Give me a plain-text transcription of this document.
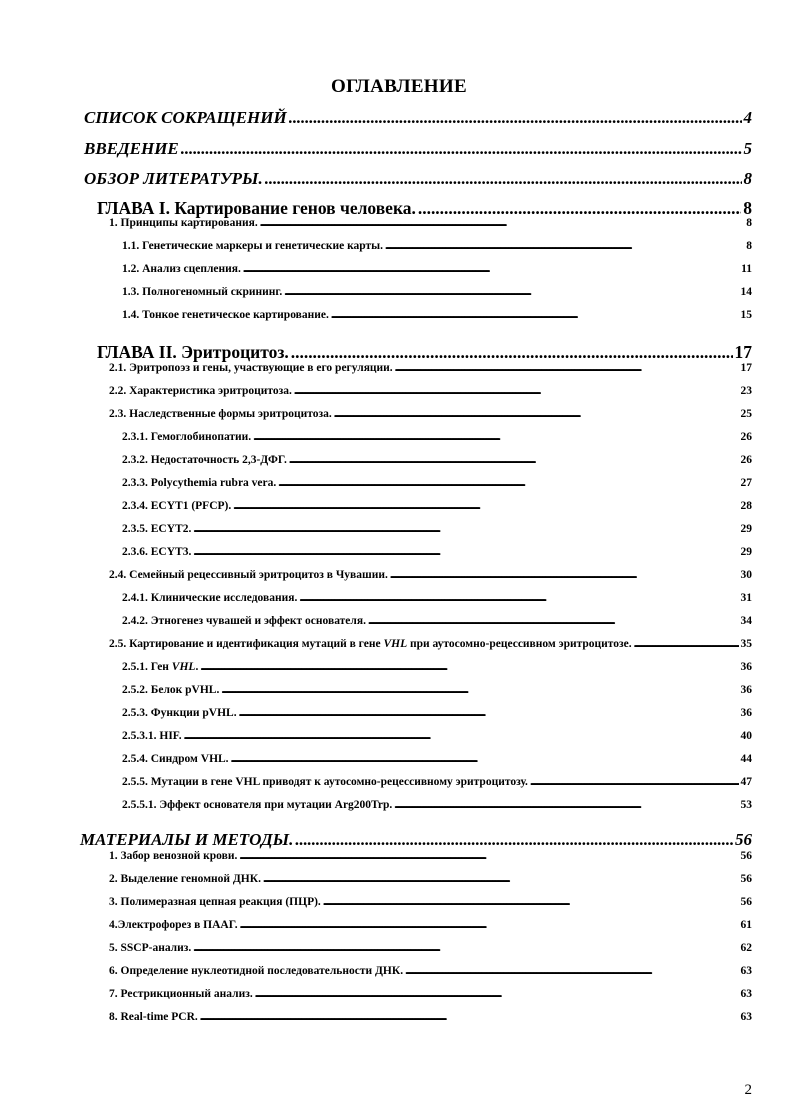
ОГЛАВЛЕНИЕ
СПИСОК СОКРАЩЕНИЙ . . .	4
ВВЕДЕНИЕ . . .	5
ОБЗОР ЛИТЕРАТУРЫ. . . .	8
ГЛАВА I. Картирование генов человека. . . .	8
1. Принципы картирования. . . .	8
1.1. Генетические маркеры и генетические карты. . . .	8
1.2. Анализ сцепления. . . .	11
1.3. Полногеномный скрининг. . . .	14
1.4. Тонкое генетическое картирование. . . .	15
ГЛАВА II. Эритроцитоз. . . .	17
2.1. Эритропоэз и гены, участвующие в его регуляции. . . .	17
2.2. Характеристика эритроцитоза. . . .	23
2.3. Наследственные формы эритроцитоза. . . .	25
2.3.1. Гемоглобинопатии. . . .	26
2.3.2. Недостаточность 2,3-ДФГ. . . .	26
2.3.3. Polycythemia rubra vera. . . .	27
2.3.4. ECYT1 (PFCP). . . .	28
2.3.5. ECYT2. . . .	29
2.3.6. ECYT3. . . .	29
2.4. Семейный рецессивный эритроцитоз в Чувашии. . . .	30
2.4.1. Клинические исследования. . . .	31
2.4.2. Этногенез чувашей и эффект основателя. . . .	34
2.5. Картирование и идентификация мутаций в гене VHL при аутосомно-рецессивном эритроцитозе. . . .	35
2.5.1. Ген VHL. . . .	36
2.5.2. Белок pVHL. . . .	36
2.5.3. Функции pVHL. . . .	36
2.5.3.1. HIF. . . .	40
2.5.4. Синдром VHL. . . .	44
2.5.5. Мутации в гене VHL приводят к аутосомно-рецессивному эритроцитозу. . . .	47
2.5.5.1. Эффект основателя при мутации Arg200Trp. . . .	53
МАТЕРИАЛЫ И МЕТОДЫ. . . .	56
1. Забор венозной крови. . . .	56
2. Выделение геномной ДНК. . . .	56
3. Полимеразная цепная реакция (ПЦР). . . .	56
4.Электрофорез в ПААГ. . . .	61
5. SSCP-анализ. . . .	62
6. Определение нуклеотидной последовательности ДНК. . . .	63
7. Рестрикционный анализ. . . .	63
8. Real-time PCR. . . .	63
2
